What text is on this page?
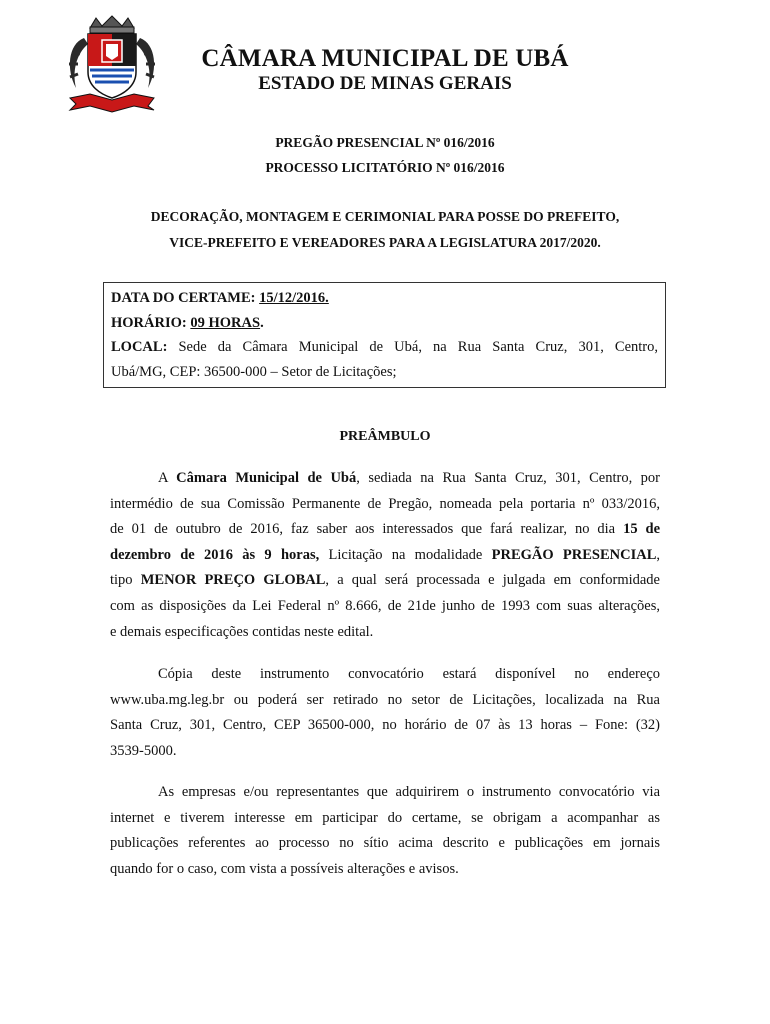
CÂMARA MUNICIPAL DE UBÁ
ESTADO DE MINAS GERAIS
PREGÃO PRESENCIAL Nº 016/2016
PROCESSO LICITATÓRIO Nº 016/2016
DECORAÇÃO, MONTAGEM E CERIMONIAL PARA POSSE DO PREFEITO,
VICE-PREFEITO E VEREADORES PARA A LEGISLATURA 2017/2020.
DATA DO CERTAME: 15/12/2016.
HORÁRIO: 09 HORAS.
LOCAL: Sede da Câmara Municipal de Ubá, na Rua Santa Cruz, 301, Centro,
Ubá/MG, CEP: 36500-000 – Setor de Licitações;
PREÂMBULO
A Câmara Municipal de Ubá, sediada na Rua Santa Cruz, 301, Centro, por
intermédio de sua Comissão Permanente de Pregão, nomeada pela portaria nº 033/2016,
de 01 de outubro de 2016, faz saber aos interessados que fará realizar, no dia 15 de
dezembro de 2016 às 9 horas, Licitação na modalidade PREGÃO PRESENCIAL,
tipo MENOR PREÇO GLOBAL, a qual será processada e julgada em conformidade
com as disposições da Lei Federal nº 8.666, de 21de junho de 1993 com suas alterações,
e demais especificações contidas neste edital.
Cópia deste instrumento convocatório estará disponível no endereço
www.uba.mg.leg.br ou poderá ser retirado no setor de Licitações, localizada na Rua
Santa Cruz, 301, Centro, CEP 36500-000, no horário de 07 às 13 horas – Fone: (32)
3539-5000.
As empresas e/ou representantes que adquirirem o instrumento convocatório via
internet e tiverem interesse em participar do certame, se obrigam a acompanhar as
publicações referentes ao processo no sítio acima descrito e publicações em jornais
quando for o caso, com vista a possíveis alterações e avisos.
